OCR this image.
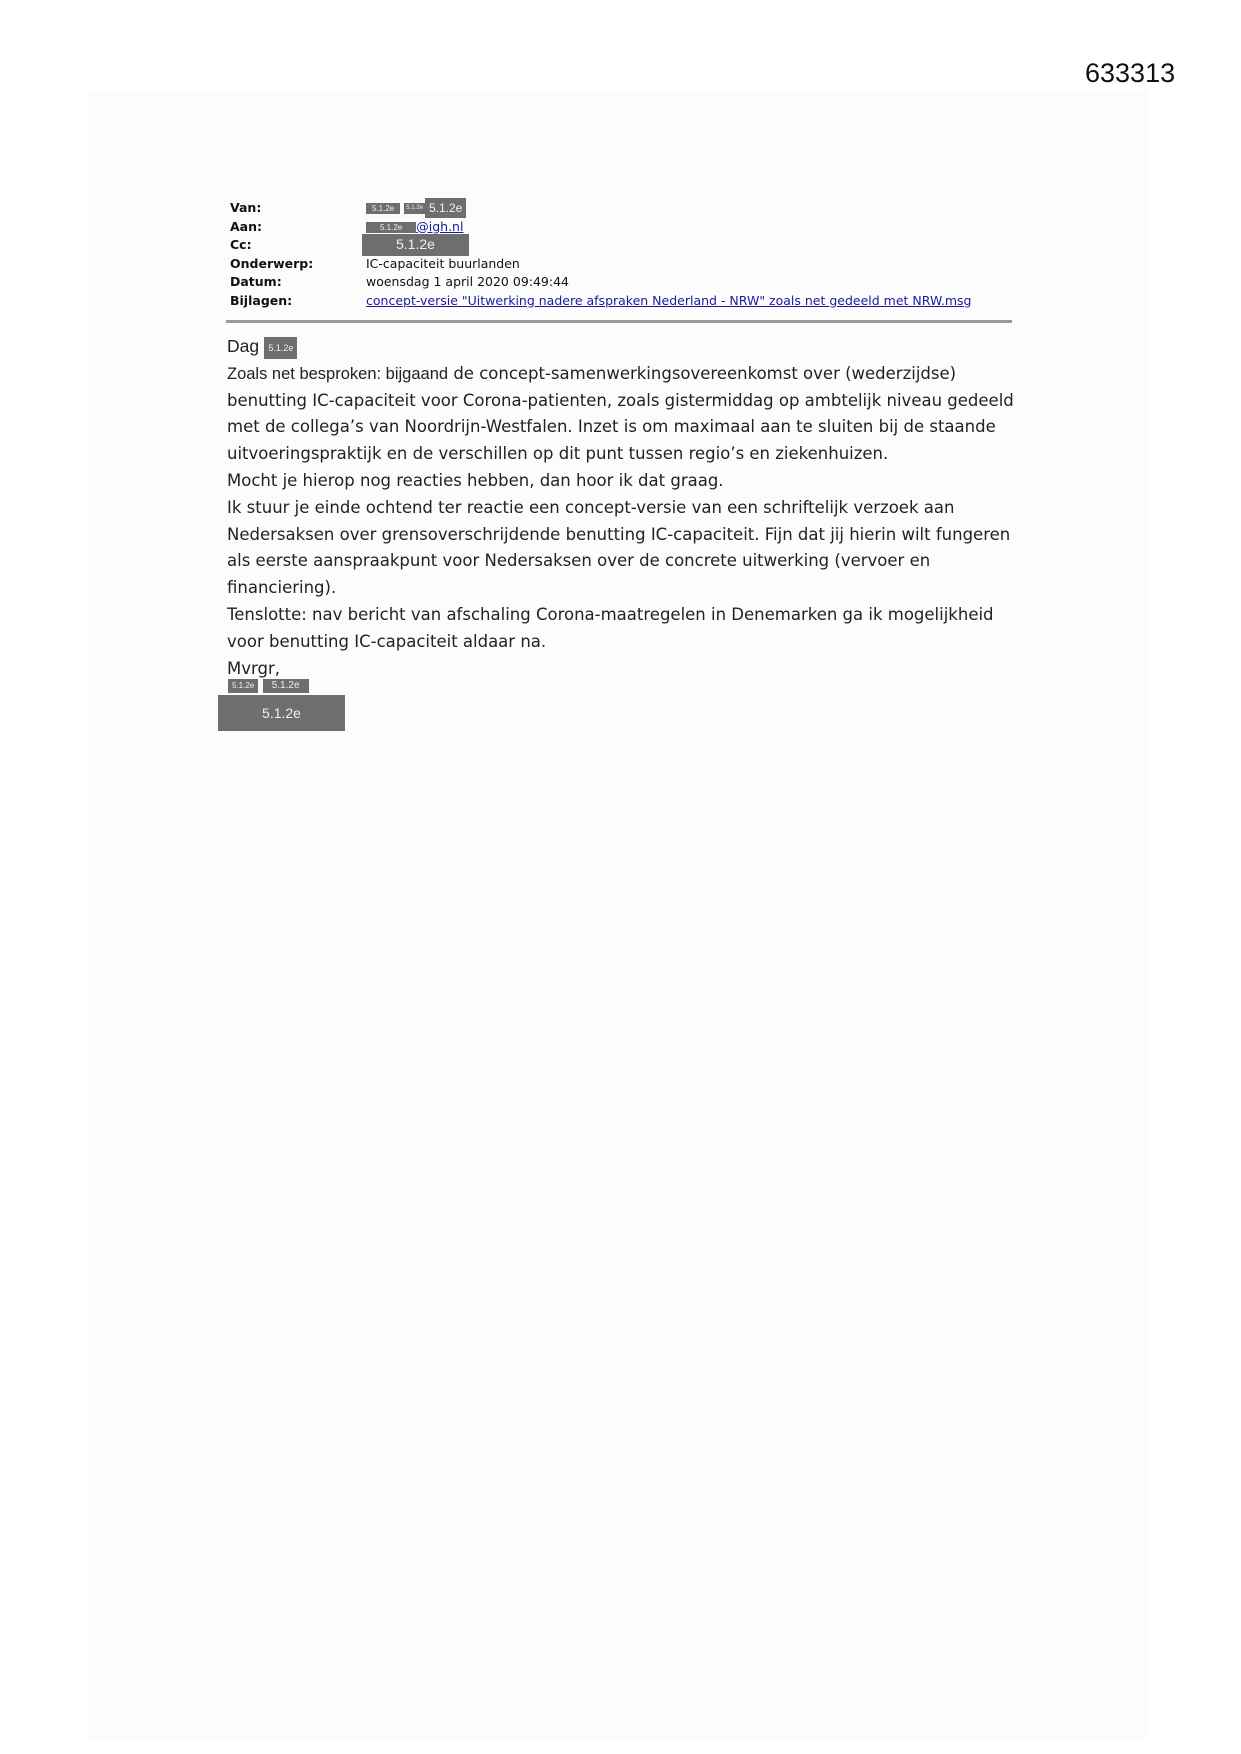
633313
Van:	5.1.2e 5.1.2e 5.1.2e
Aan:	5.1.2e @igh.nl
Cc:	5.1.2e
Onderwerp:	IC-capaciteit buurlanden
Datum:	woensdag 1 april 2020 09:49:44
Bijlagen:	concept-versie "Uitwerking nadere afspraken Nederland - NRW" zoals net gedeeld met NRW.msg

Dag 5.1.2e

Zoals net besproken: bijgaand de concept-samenwerkingsovereenkomst over (wederzijdse) benutting IC-capaciteit voor Corona-patienten, zoals gistermiddag op ambtelijk niveau gedeeld met de collega’s van Noordrijn-Westfalen. Inzet is om maximaal aan te sluiten bij de staande uitvoeringspraktijk en de verschillen op dit punt tussen regio’s en ziekenhuizen.

Mocht je hierop nog reacties hebben, dan hoor ik dat graag.

Ik stuur je einde ochtend ter reactie een concept-versie van een schriftelijk verzoek aan Nedersaksen over grensoverschrijdende benutting IC-capaciteit. Fijn dat jij hierin wilt fungeren als eerste aanspraakpunt voor Nedersaksen over de concrete uitwerking (vervoer en financiering).

Tenslotte: nav bericht van afschaling Corona-maatregelen in Denemarken ga ik mogelijkheid voor benutting IC-capaciteit aldaar na.

Mvrgr,

5.1.2e 5.1.2e
5.1.2e
